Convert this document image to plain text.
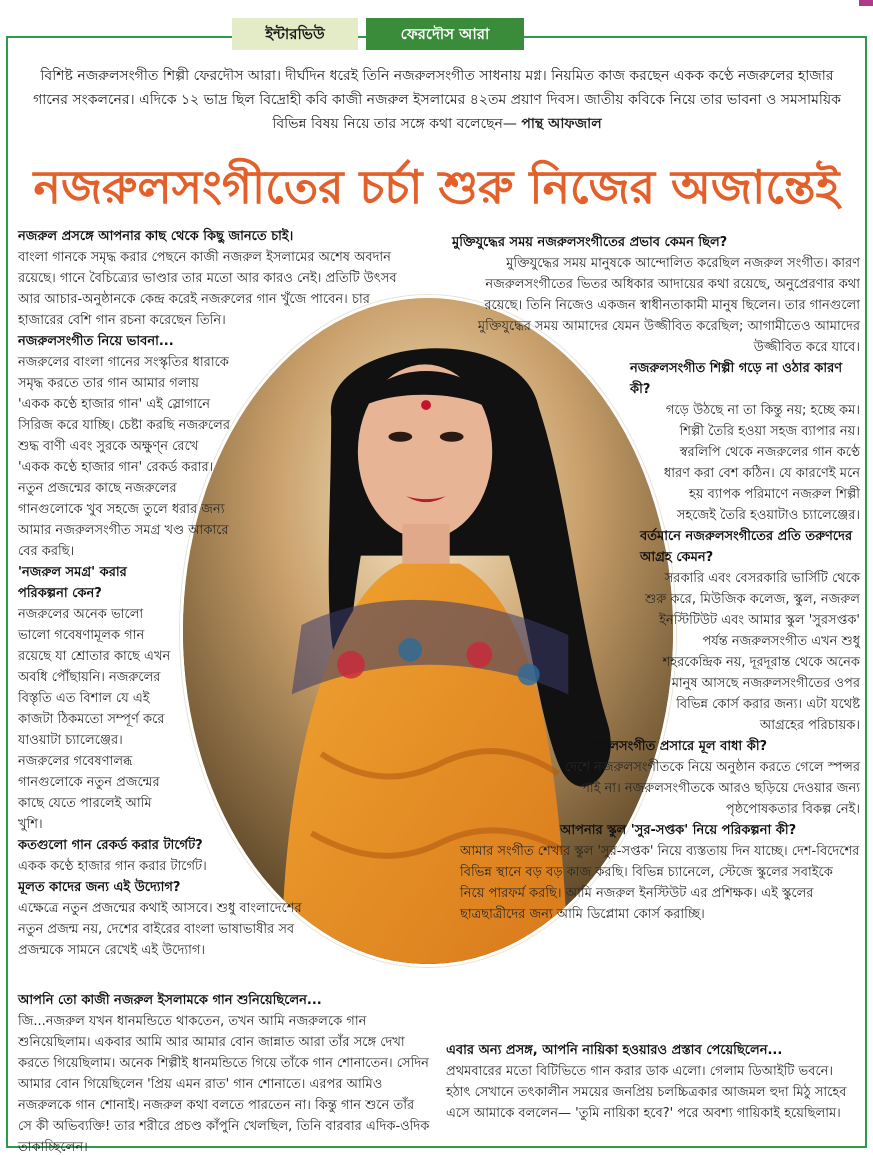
ইন্টারভিউ	ফেরদৌস আরা
বিশিষ্ট নজরুলসংগীত শিল্পী ফেরদৌস আরা। দীর্ঘদিন ধরেই তিনি নজরুলসংগীত সাধনায় মগ্ন। নিয়মিত কাজ করছেন একক কণ্ঠে নজরুলের হাজার গানের সংকলনের। এদিকে ১২ ভাদ্র ছিল বিদ্রোহী কবি কাজী নজরুল ইসলামের ৪২তম প্রয়াণ দিবস। জাতীয় কবিকে নিয়ে তার ভাবনা ও সমসাময়িক বিভিন্ন বিষয় নিয়ে তার সঙ্গে কথা বলেছেন— পান্থ আফজাল
নজরুলসংগীতের চর্চা শুরু নিজের অজান্তেই
নজরুল প্রসঙ্গে আপনার কাছ থেকে কিছু জানতে চাই।
বাংলা গানকে সমৃদ্ধ করার পেছনে কাজী নজরুল ইসলামের অশেষ অবদান রয়েছে। গানে বৈচিত্র্যের ভাণ্ডার তার মতো আর কারও নেই। প্রতিটি উৎসব আর আচার-অনুষ্ঠানকে কেন্দ্র করেই নজরুলের গান খুঁজে পাবেন। চার হাজারের বেশি গান রচনা করেছেন তিনি।
নজরুলসংগীত নিয়ে ভাবনা...
নজরুলের বাংলা গানের সংস্কৃতির ধারাকে সমৃদ্ধ করতে তার গান আমার গলায় 'একক কণ্ঠে হাজার গান' এই স্লোগানে সিরিজ করে যাচ্ছি। চেষ্টা করছি নজরুলের শুদ্ধ বাণী এবং সুরকে অক্ষুণ্ন রেখে 'একক কণ্ঠে হাজার গান' রেকর্ড করার। নতুন প্রজন্মের কাছে নজরুলের গানগুলোকে খুব সহজে তুলে ধরার জন্য আমার নজরুলসংগীত সমগ্র খণ্ড আকারে বের করছি।
'নজরুল সমগ্র' করার পরিকল্পনা কেন?
নজরুলের অনেক ভালো ভালো গবেষণামূলক গান রয়েছে যা শ্রোতার কাছে এখন অবধি পৌঁছায়নি। নজরুলের বিস্তৃতি এত বিশাল যে এই কাজটা ঠিকমতো সম্পূর্ণ করে যাওয়াটা চ্যালেঞ্জের। নজরুলের গবেষণালব্ধ গানগুলোকে নতুন প্রজন্মের কাছে যেতে পারলেই আমি খুশি।
কতগুলো গান রেকর্ড করার টার্গেট?
একক কণ্ঠে হাজার গান করার টার্গেট।
মূলত কাদের জন্য এই উদ্যোগ?
এক্ষেত্রে নতুন প্রজন্মের কথাই আসবে। শুধু বাংলাদেশের নতুন প্রজন্ম নয়, দেশের বাইরের বাংলা ভাষাভাষীর সব প্রজন্মকে সামনে রেখেই এই উদ্যোগ।
আপনি তো কাজী নজরুল ইসলামকে গান শুনিয়েছিলেন...
জি...নজরুল যখন ধানমন্ডিতে থাকতেন, তখন আমি নজরুলকে গান শুনিয়েছিলাম। একবার আমি আর আমার বোন জান্নাত আরা তাঁর সঙ্গে দেখা করতে গিয়েছিলাম। অনেক শিল্পীই ধানমন্ডিতে গিয়ে তাঁকে গান শোনাতেন। সেদিন আমার বোন গিয়েছিলেন 'প্রিয় এমন রাত' গান শোনাতে। এরপর আমিও নজরুলকে গান শোনাই। নজরুল কথা বলতে পারতেন না। কিন্তু গান শুনে তাঁর সে কী অভিব্যক্তি! তার শরীরে প্রচণ্ড কাঁপুনি খেলছিল, তিনি বারবার এদিক-ওদিক তাকাচ্ছিলেন।
মুক্তিযুদ্ধের সময় নজরুলসংগীতের প্রভাব কেমন ছিল?
মুক্তিযুদ্ধের সময় মানুষকে আন্দোলিত করেছিল নজরুল সংগীত। কারণ নজরুলসংগীতের ভিতর অধিকার আদায়ের কথা রয়েছে, অনুপ্রেরণার কথা রয়েছে। তিনি নিজেও একজন স্বাধীনতাকামী মানুষ ছিলেন। তার গানগুলো মুক্তিযুদ্ধের সময় আমাদের যেমন উজ্জীবিত করেছিল; আগামীতেও আমাদের উজ্জীবিত করে যাবে।
নজরুলসংগীত শিল্পী গড়ে না ওঠার কারণ কী?
গড়ে উঠছে না তা কিন্তু নয়; হচ্ছে কম। শিল্পী তৈরি হওয়া সহজ ব্যাপার নয়। স্বরলিপি থেকে নজরুলের গান কণ্ঠে ধারণ করা বেশ কঠিন। যে কারণেই মনে হয় ব্যাপক পরিমাণে নজরুল শিল্পী সহজেই তৈরি হওয়াটাও চ্যালেঞ্জের।
বর্তমানে নজরুলসংগীতের প্রতি তরুণদের আগ্রহ কেমন?
সরকারি এবং বেসরকারি ভার্সিটি থেকে শুরু করে, মিউজিক কলেজ, স্কুল, নজরুল ইনস্টিটিউট এবং আমার স্কুল 'সুরসপ্তক' পর্যন্ত নজরুলসংগীত এখন শুধু শহরকেন্দ্রিক নয়, দূরদূরান্ত থেকে অনেক মানুষ আসছে নজরুলসংগীতের ওপর বিভিন্ন কোর্স করার জন্য। এটা যথেষ্ট আগ্রহের পরিচায়ক।
নজরুলসংগীত প্রসারে মূল বাধা কী?
দেশে নজরুলসংগীতকে নিয়ে অনুষ্ঠান করতে গেলে স্পন্সর পাই না। নজরুলসংগীতকে আরও ছড়িয়ে দেওয়ার জন্য পৃষ্ঠপোষকতার বিকল্প নেই।
আপনার স্কুল 'সুর-সপ্তক' নিয়ে পরিকল্পনা কী?
আমার সংগীত শেখার স্কুল 'সুর-সপ্তক' নিয়ে ব্যস্ততায় দিন যাচ্ছে। দেশ-বিদেশের বিভিন্ন স্থানে বড় বড় কাজ করছি। বিভিন্ন চ্যানেলে, স্টেজে স্কুলের সবাইকে নিয়ে পারফর্ম করছি। আমি নজরুল ইনস্টিউট এর প্রশিক্ষক। এই স্কুলের ছাত্রছাত্রীদের জন্য আমি ডিপ্লোমা কোর্স করাচ্ছি।
এবার অন্য প্রসঙ্গ, আপনি নায়িকা হওয়ারও প্রস্তাব পেয়েছিলেন...
প্রথমবারের মতো বিটিভিতে গান করার ডাক এলো। গেলাম ডিআইটি ভবনে। হঠাৎ সেখানে তৎকালীন সময়ের জনপ্রিয় চলচ্চিত্রকার আজমল হুদা মিঠু সাহেব এসে আমাকে বললেন— 'তুমি নায়িকা হবে?' পরে অবশ্য গায়িকাই হয়েছিলাম।
